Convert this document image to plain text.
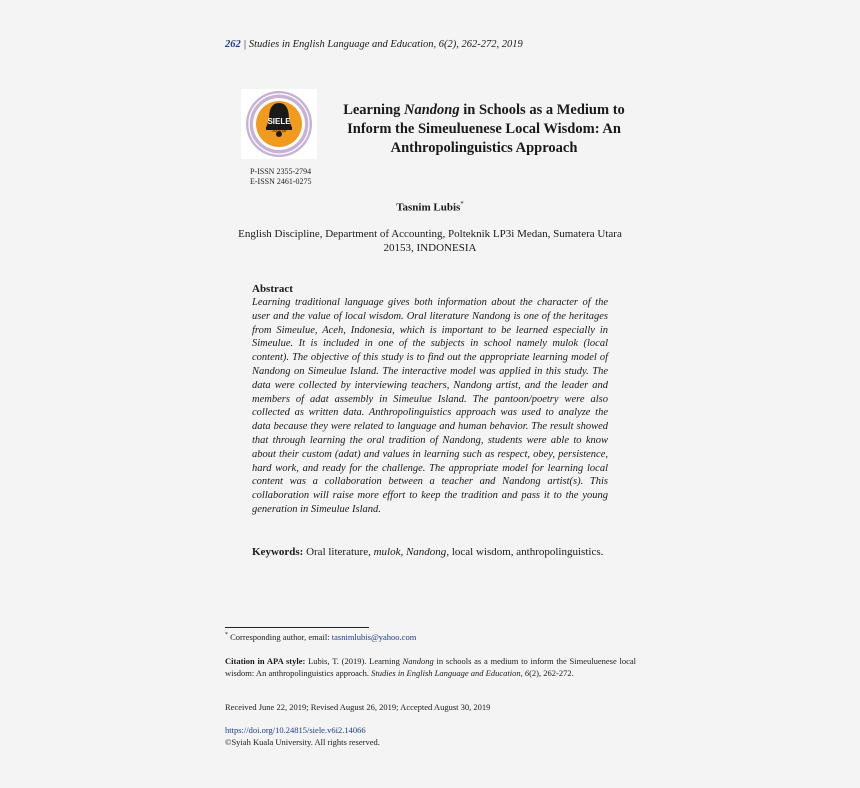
262 | Studies in English Language and Education, 6(2), 262-272, 2019
SIELE
Journal
P-ISSN 2355-2794
E-ISSN 2461-0275
Learning Nandong in Schools as a Medium to Inform the Simeuluenese Local Wisdom: An Anthropolinguistics Approach
Tasnim Lubis*
English Discipline, Department of Accounting, Polteknik LP3i Medan, Sumatera Utara 20153, INDONESIA
Abstract
Learning traditional language gives both information about the character of the user and the value of local wisdom. Oral literature Nandong is one of the heritages from Simeulue, Aceh, Indonesia, which is important to be learned especially in Simeulue. It is included in one of the subjects in school namely mulok (local content). The objective of this study is to find out the appropriate learning model of Nandong on Simeulue Island. The interactive model was applied in this study. The data were collected by interviewing teachers, Nandong artist, and the leader and members of adat assembly in Simeulue Island. The pantoon/poetry were also collected as written data. Anthropolinguistics approach was used to analyze the data because they were related to language and human behavior. The result showed that through learning the oral tradition of Nandong, students were able to know about their custom (adat) and values in learning such as respect, obey, persistence, hard work, and ready for the challenge. The appropriate model for learning local content was a collaboration between a teacher and Nandong artist(s). This collaboration will raise more effort to keep the tradition and pass it to the young generation in Simeulue Island.
Keywords: Oral literature, mulok, Nandong, local wisdom, anthropolinguistics.
* Corresponding author, email: tasnimlubis@yahoo.com
Citation in APA style: Lubis, T. (2019). Learning Nandong in schools as a medium to inform the Simeuluenese local wisdom: An anthropolinguistics approach. Studies in English Language and Education, 6(2), 262-272.
Received June 22, 2019; Revised August 26, 2019; Accepted August 30, 2019
https://doi.org/10.24815/siele.v6i2.14066
©Syiah Kuala University. All rights reserved.
